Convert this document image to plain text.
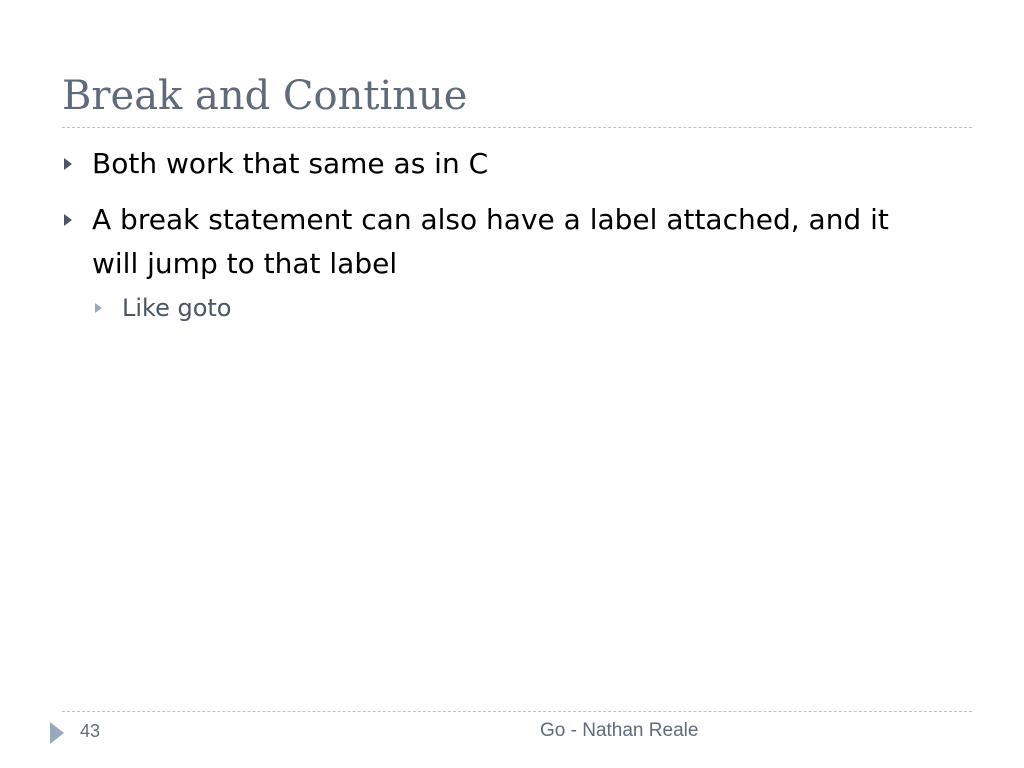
Break and Continue
Both work that same as in C
A break statement can also have a label attached, and it will jump to that label
Like goto
43	Go - Nathan Reale
